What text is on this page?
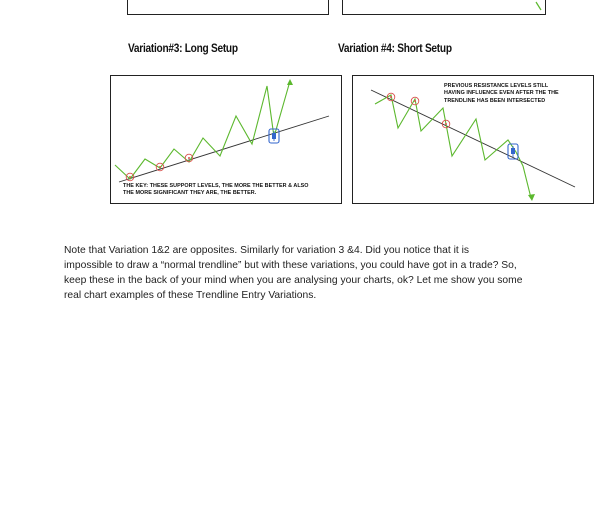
Variation#3: Long Setup	Variation #4: Short Setup
THE KEY: THESE SUPPORT LEVELS, THE MORE THE BETTER & ALSO
THE MORE SIGNIFICANT THEY ARE, THE BETTER.
PREVIOUS RESISTANCE LEVELS STILL
HAVING INFLUENCE EVEN AFTER THE THE
TRENDLINE HAS BEEN INTERSECTED
Note that Variation 1&2 are opposites. Similarly for variation 3 &4. Did you notice that it is
impossible to draw a “normal trendline” but with these variations, you could have got in a trade? So,
keep these in the back of your mind when you are analysing your charts, ok? Let me show you some
real chart examples of these Trendline Entry Variations.
